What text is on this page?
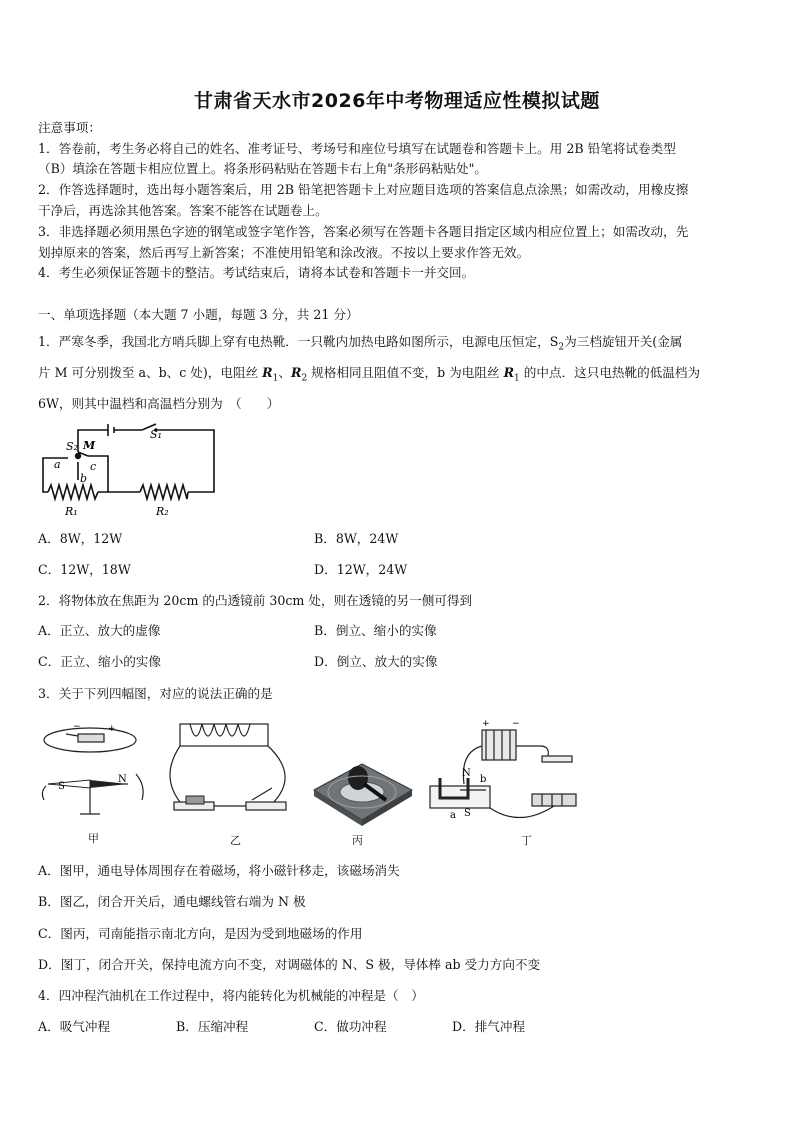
甘肃省天水市2026年中考物理适应性模拟试题
注意事项：
1．答卷前，考生务必将自己的姓名、准考证号、考场号和座位号填写在试题卷和答题卡上。用 2B 铅笔将试卷类型
（B）填涂在答题卡相应位置上。将条形码粘贴在答题卡右上角"条形码粘贴处"。
2．作答选择题时，选出每小题答案后，用 2B 铅笔把答题卡上对应题目选项的答案信息点涂黑；如需改动，用橡皮擦
干净后，再选涂其他答案。答案不能答在试题卷上。
3．非选择题必须用黑色字迹的钢笔或签字笔作答，答案必须写在答题卡各题目指定区域内相应位置上；如需改动，先
划掉原来的答案，然后再写上新答案；不准使用铅笔和涂改液。不按以上要求作答无效。
4．考生必须保证答题卡的整洁。考试结束后，请将本试卷和答题卡一并交回。
一、单项选择题（本大题 7 小题，每题 3 分，共 21 分）
1．严寒冬季，我国北方哨兵脚上穿有电热靴．一只靴内加热电路如图所示，电源电压恒定，$S_2$为三档旋钮开关(金属
片 M 可分别拨至 a、b、c 处)，电阻丝 $R_1$、$R_2$ 规格相同且阻值不变，b 为电阻丝 $R_1$ 的中点．这只电热靴的低温档为
6W，则其中温档和高温档分别为　（　　）
S₂ M
a	c
b
S₁
R₁	R₂
A．8W，12W	B．8W，24W
C．12W，18W	D．12W，24W
2．将物体放在焦距为 20cm 的凸透镜前 30cm 处，则在透镜的另一侧可得到
A．正立、放大的虚像	B．倒立、缩小的实像
C．正立、缩小的实像	D．倒立、放大的实像
3．关于下列四幅图，对应的说法正确的是
−	+
S
N
甲	乙	丙
+ −
N
b
a S
丁
A．图甲，通电导体周围存在着磁场，将小磁针移走，该磁场消失
B．图乙，闭合开关后，通电螺线管右端为 N 极
C．图丙，司南能指示南北方向，是因为受到地磁场的作用
D．图丁，闭合开关，保持电流方向不变，对调磁体的 N、S 极，导体棒 ab 受力方向不变
4．四冲程汽油机在工作过程中，将内能转化为机械能的冲程是（　）
A．吸气冲程	B．压缩冲程	C．做功冲程	D．排气冲程
